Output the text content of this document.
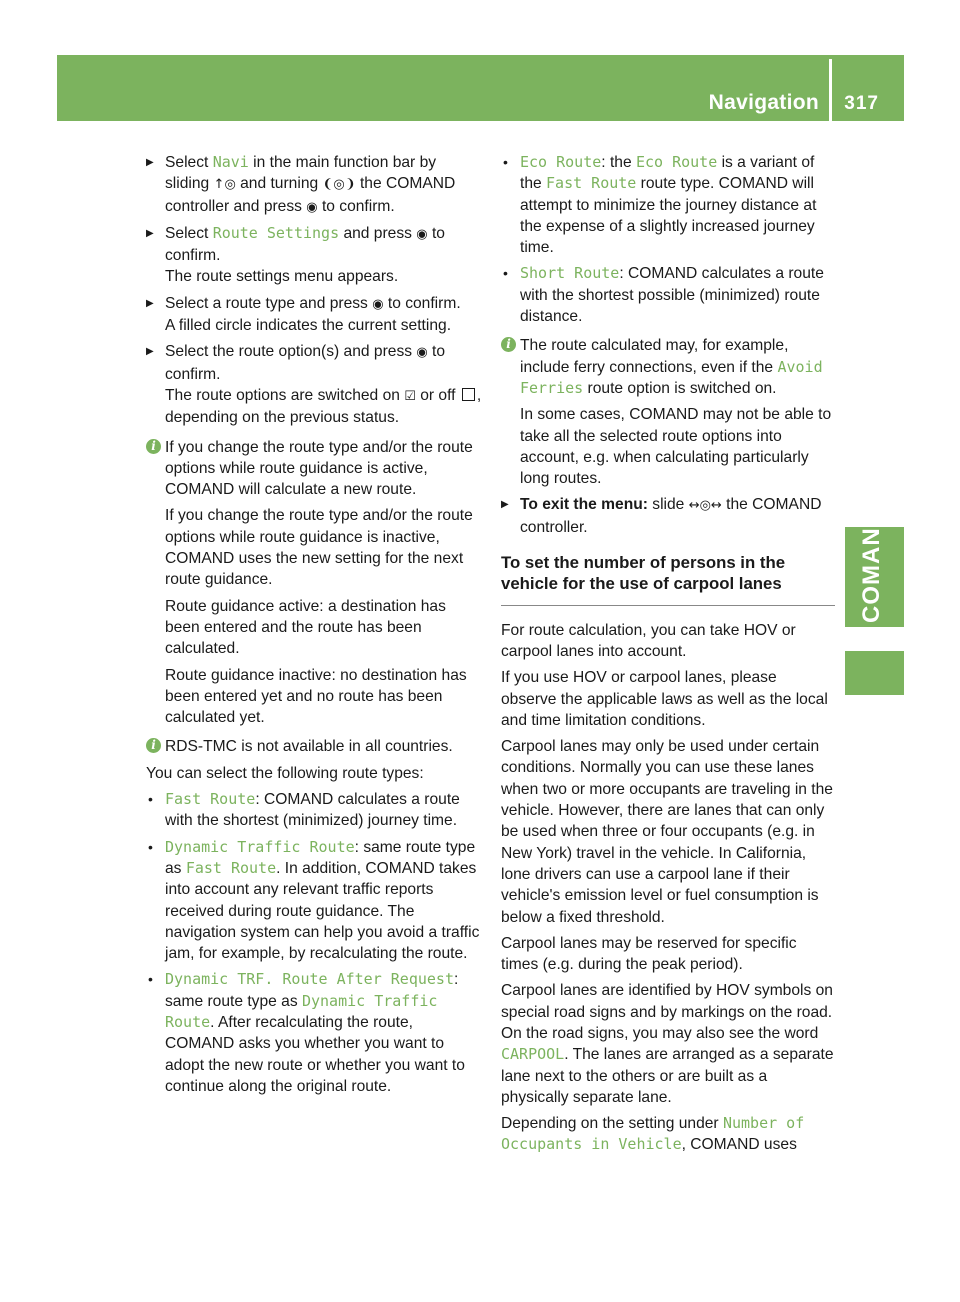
Navigation 317
COMAND
▶ Select Navi in the main function bar by sliding ↑◎ and turning ❨◎❩ the COMAND controller and press ◉ to confirm.
▶ Select Route Settings and press ◉ to confirm.
The route settings menu appears.
▶ Select a route type and press ◉ to confirm.
A filled circle indicates the current setting.
▶ Select the route option(s) and press ◉ to confirm.
The route options are switched on ☑ or off , depending on the previous status.
i If you change the route type and/or the route options while route guidance is active, COMAND will calculate a new route.

If you change the route type and/or the route options while route guidance is inactive, COMAND uses the new setting for the next route guidance.

Route guidance active: a destination has been entered and the route has been calculated.

Route guidance inactive: no destination has been entered yet and no route has been calculated yet.

i RDS-TMC is not available in all countries.

You can select the following route types:

• Fast Route: COMAND calculates a route with the shortest (minimized) journey time.
• Dynamic Traffic Route: same route type as Fast Route. In addition, COMAND takes into account any relevant traffic reports received during route guidance. The navigation system can help you avoid a traffic jam, for example, by recalculating the route.
• Dynamic TRF. Route After Request: same route type as Dynamic Traffic Route. After recalculating the route, COMAND asks you whether you want to adopt the new route or whether you want to continue along the original route.
• Eco Route: the Eco Route is a variant of the Fast Route route type. COMAND will attempt to minimize the journey distance at the expense of a slightly increased journey time.
• Short Route: COMAND calculates a route with the shortest possible (minimized) route distance.
i The route calculated may, for example, include ferry connections, even if the Avoid Ferries route option is switched on.

In some cases, COMAND may not be able to take all the selected route options into account, e.g. when calculating particularly long routes.

▶ To exit the menu: slide ↔◎↔ the COMAND controller.
To set the number of persons in the vehicle for the use of carpool lanes

For route calculation, you can take HOV or carpool lanes into account.

If you use HOV or carpool lanes, please observe the applicable laws as well as the local and time limitation conditions.

Carpool lanes may only be used under certain conditions. Normally you can use these lanes when two or more occupants are traveling in the vehicle. However, there are lanes that can only be used when three or four occupants (e.g. in New York) travel in the vehicle. In California, lone drivers can use a carpool lane if their vehicle's emission level or fuel consumption is below a fixed threshold.

Carpool lanes may be reserved for specific times (e.g. during the peak period).

Carpool lanes are identified by HOV symbols on special road signs and by markings on the road. On the road signs, you may also see the word CARPOOL. The lanes are arranged as a separate lane next to the others or are built as a physically separate lane.

Depending on the setting under Number of Occupants in Vehicle, COMAND uses
